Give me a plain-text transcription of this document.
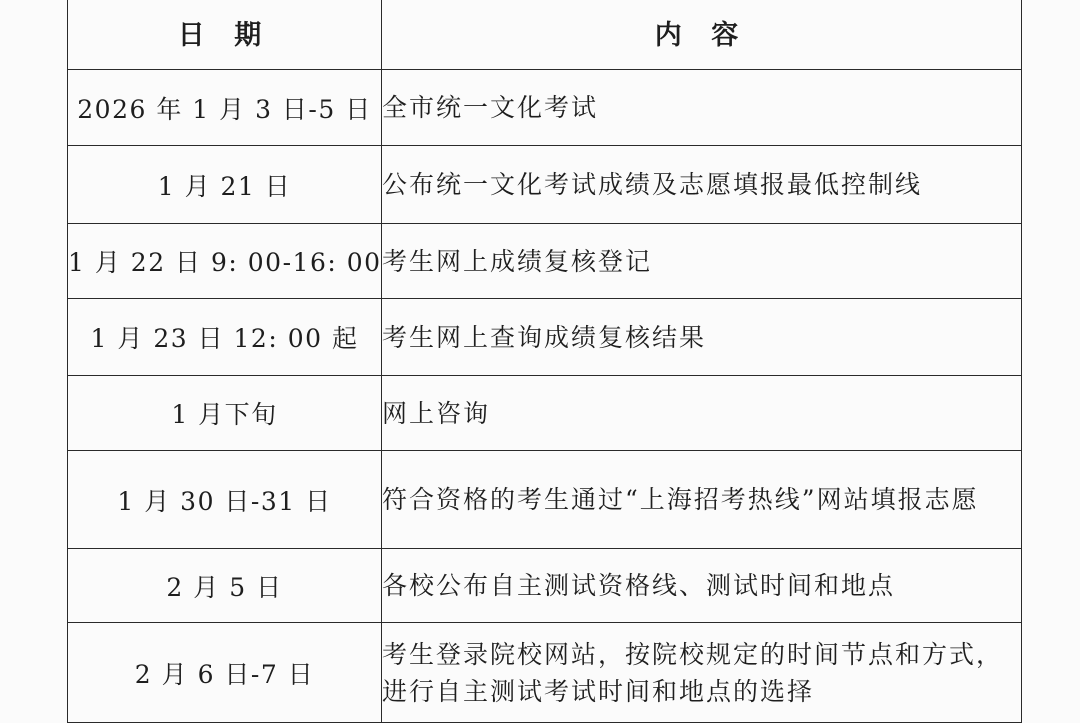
日 期	内 容
2026 年 1 月 3 日-5 日	全市统一文化考试
1 月 21 日	公布统一文化考试成绩及志愿填报最低控制线
1 月 22 日 9: 00-16: 00	考生网上成绩复核登记
1 月 23 日 12: 00 起	考生网上查询成绩复核结果
1 月下旬	网上咨询
1 月 30 日-31 日	符合资格的考生通过“上海招考热线”网站填报志愿
2 月 5 日	各校公布自主测试资格线、测试时间和地点
2 月 6 日-7 日	考生登录院校网站，按院校规定的时间节点和方式，进行自主测试考试时间和地点的选择
